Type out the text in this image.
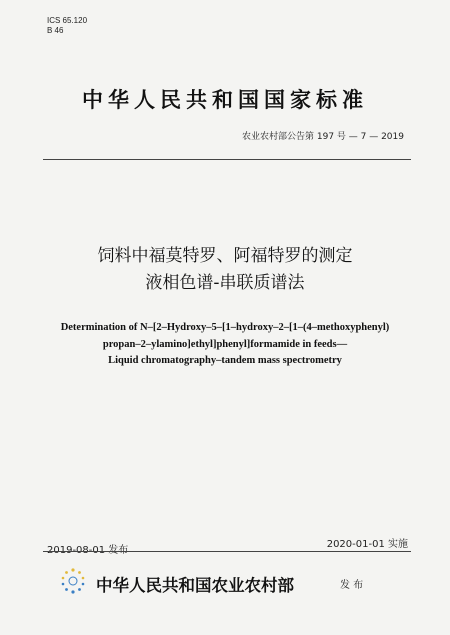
ICS 65.120
B 46
中华人民共和国国家标准
农业农村部公告第 197 号 — 7 — 2019
饲料中福莫特罗、阿福特罗的测定
液相色谱-串联质谱法
Determination of N–[2–Hydroxy–5–[1–hydroxy–2–[1–(4–methoxyphenyl)
propan–2–ylamino]ethyl]phenyl]formamide in feeds—
Liquid chromatography–tandem mass spectrometry
2019-08-01 发布
2020-01-01 实施
中华人民共和国农业农村部	发 布
